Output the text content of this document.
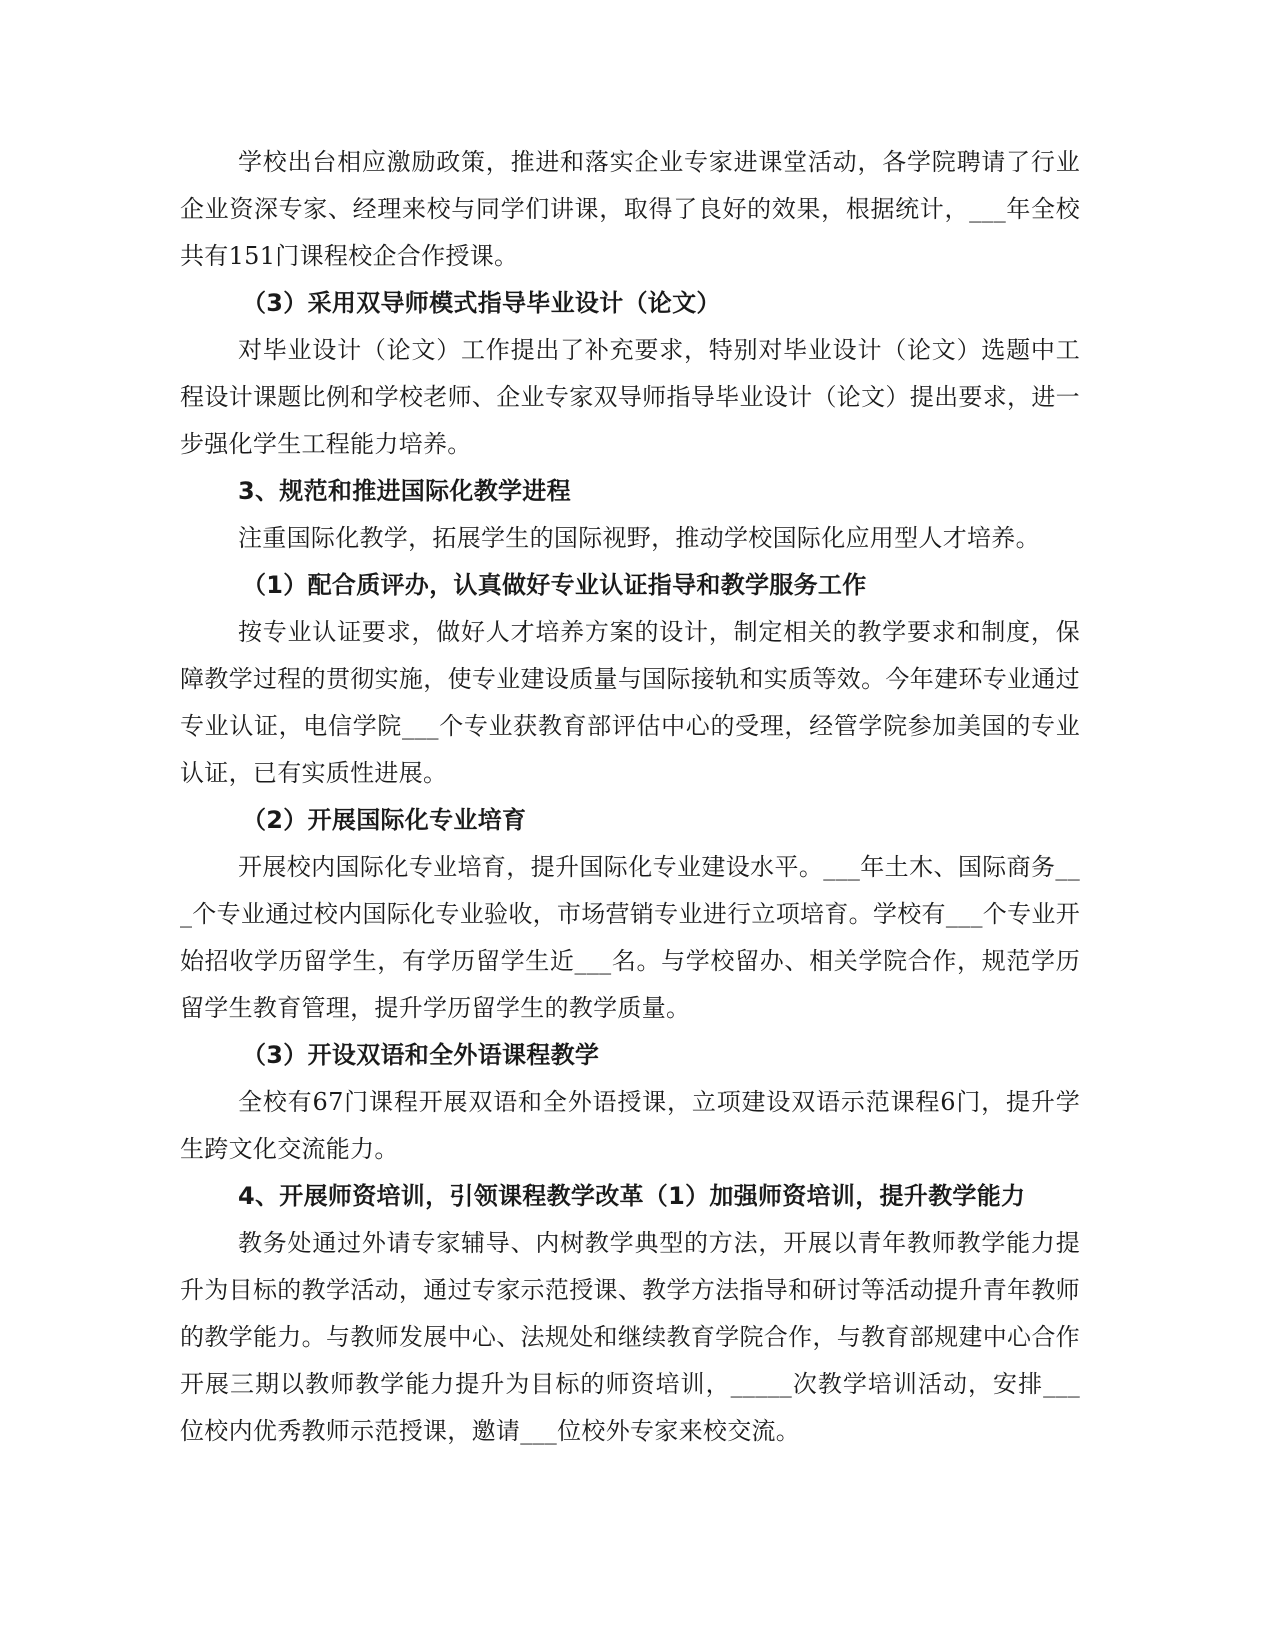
学校出台相应激励政策，推进和落实企业专家进课堂活动，各学院聘请了行业企业资深专家、经理来校与同学们讲课，取得了良好的效果，根据统计，___年全校共有151门课程校企合作授课。

（3）采用双导师模式指导毕业设计（论文）

对毕业设计（论文）工作提出了补充要求，特别对毕业设计（论文）选题中工程设计课题比例和学校老师、企业专家双导师指导毕业设计（论文）提出要求，进一步强化学生工程能力培养。

3、规范和推进国际化教学进程

注重国际化教学，拓展学生的国际视野，推动学校国际化应用型人才培养。

（1）配合质评办，认真做好专业认证指导和教学服务工作

按专业认证要求，做好人才培养方案的设计，制定相关的教学要求和制度，保障教学过程的贯彻实施，使专业建设质量与国际接轨和实质等效。今年建环专业通过专业认证，电信学院___个专业获教育部评估中心的受理，经管学院参加美国的专业认证，已有实质性进展。

（2）开展国际化专业培育

开展校内国际化专业培育，提升国际化专业建设水平。___年土木、国际商务___个专业通过校内国际化专业验收，市场营销专业进行立项培育。学校有___个专业开始招收学历留学生，有学历留学生近___名。与学校留办、相关学院合作，规范学历留学生教育管理，提升学历留学生的教学质量。

（3）开设双语和全外语课程教学

全校有67门课程开展双语和全外语授课，立项建设双语示范课程6门，提升学生跨文化交流能力。

4、开展师资培训，引领课程教学改革（1）加强师资培训，提升教学能力

教务处通过外请专家辅导、内树教学典型的方法，开展以青年教师教学能力提升为目标的教学活动，通过专家示范授课、教学方法指导和研讨等活动提升青年教师的教学能力。与教师发展中心、法规处和继续教育学院合作，与教育部规建中心合作开展三期以教师教学能力提升为目标的师资培训，_____次教学培训活动，安排___位校内优秀教师示范授课，邀请___位校外专家来校交流。
